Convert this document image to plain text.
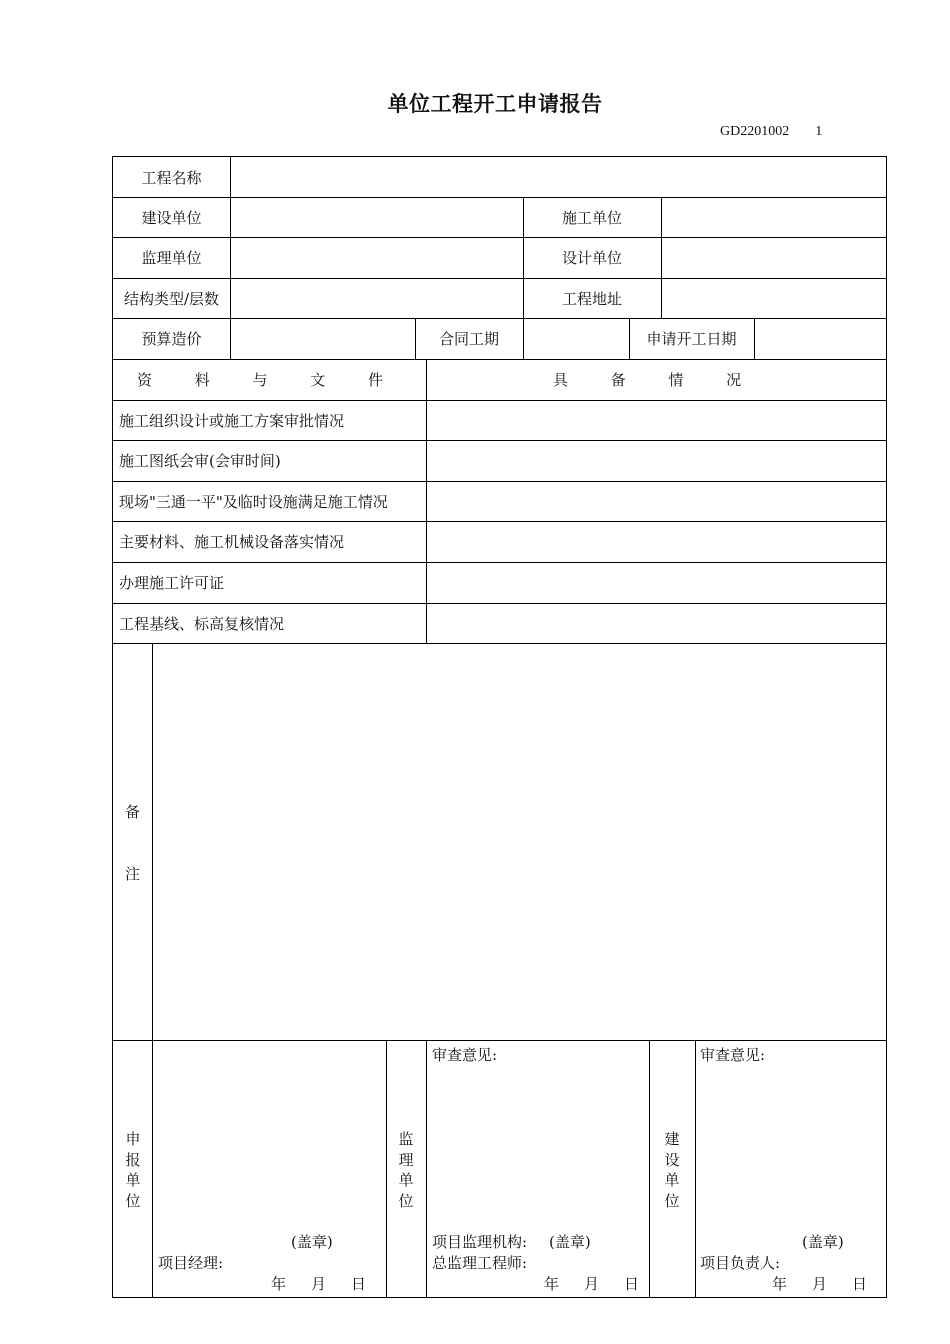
单位工程开工申请报告
GD2201002 1
工程名称
建设单位	施工单位
监理单位	设计单位
结构类型/层数	工程地址
预算造价	合同工期	申请开工日期
资 料 与 文 件	具 备 情 况
施工组织设计或施工方案审批情况
施工图纸会审(会审时间)
现场"三通一平"及临时设施满足施工情况
主要材料、施工机械设备落实情况
办理施工许可证
工程基线、标高复核情况
备
注
申报单位
(盖章)
项目经理:
年 月 日
监理单位
审查意见:
项目监理机构: (盖章)
总监理工程师:
年 月 日
建设单位
审查意见:
(盖章)
项目负责人:
年 月 日
